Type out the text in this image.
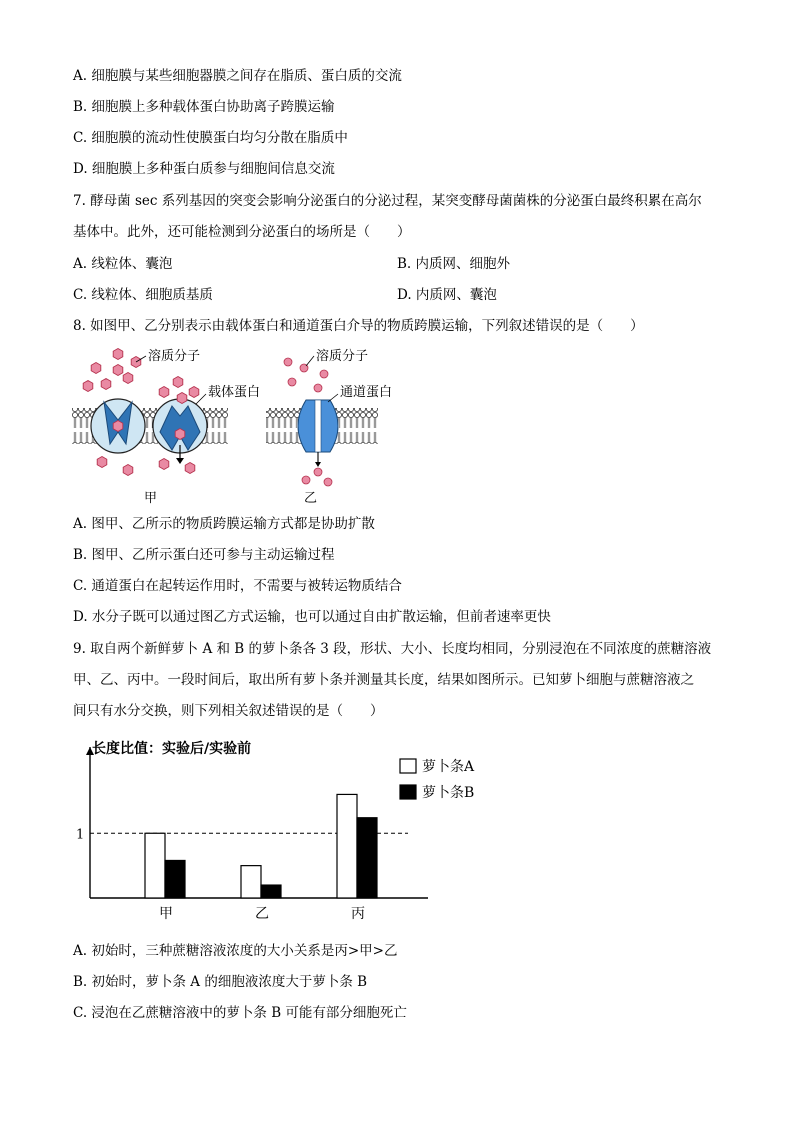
A. 细胞膜与某些细胞器膜之间存在脂质、蛋白质的交流
B. 细胞膜上多种载体蛋白协助离子跨膜运输
C. 细胞膜的流动性使膜蛋白均匀分散在脂质中
D. 细胞膜上多种蛋白质参与细胞间信息交流
7. 酵母菌 sec 系列基因的突变会影响分泌蛋白的分泌过程，某突变酵母菌菌株的分泌蛋白最终积累在高尔
基体中。此外，还可能检测到分泌蛋白的场所是（　　）
A. 线粒体、囊泡	B. 内质网、细胞外
C. 线粒体、细胞质基质	D. 内质网、囊泡
8. 如图甲、乙分别表示由载体蛋白和通道蛋白介导的物质跨膜运输，下列叙述错误的是（　　）
溶质分子
载体蛋白
甲
溶质分子
通道蛋白
乙
A. 图甲、乙所示的物质跨膜运输方式都是协助扩散
B. 图甲、乙所示蛋白还可参与主动运输过程
C. 通道蛋白在起转运作用时，不需要与被转运物质结合
D. 水分子既可以通过图乙方式运输，也可以通过自由扩散运输，但前者速率更快
9. 取自两个新鲜萝卜 A 和 B 的萝卜条各 3 段，形状、大小、长度均相同，分别浸泡在不同浓度的蔗糖溶液
甲、乙、丙中。一段时间后，取出所有萝卜条并测量其长度，结果如图所示。已知萝卜细胞与蔗糖溶液之
间只有水分交换，则下列相关叙述错误的是（　　）
长度比值：实验后/实验前
1
甲	乙	丙
萝卜条A
萝卜条B
A. 初始时，三种蔗糖溶液浓度的大小关系是丙>甲>乙
B. 初始时，萝卜条 A 的细胞液浓度大于萝卜条 B
C. 浸泡在乙蔗糖溶液中的萝卜条 B 可能有部分细胞死亡
